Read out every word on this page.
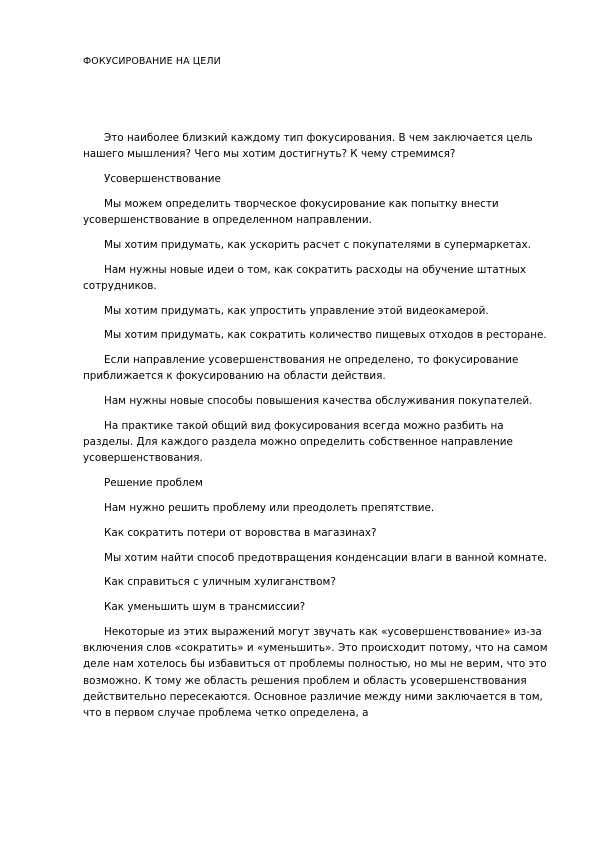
ФОКУСИРОВАНИЕ НА ЦЕЛИ

Это наиболее близкий каждому тип фокусирования. В чем заключается цель нашего мышления? Чего мы хотим достигнуть? К чему стремимся?

Усовершенствование

Мы можем определить творческое фокусирование как попытку внести усовершенствование в определенном направлении.

Мы хотим придумать, как ускорить расчет с покупателями в супермаркетах.

Нам нужны новые идеи о том, как сократить расходы на обучение штатных сотрудников.

Мы хотим придумать, как упростить управление этой видеокамерой.

Мы хотим придумать, как сократить количество пищевых отходов в ресторане.

Если направление усовершенствования не определено, то фокусирование приближается к фокусированию на области действия.

Нам нужны новые способы повышения качества обслуживания покупателей.

На практике такой общий вид фокусирования всегда можно разбить на разделы. Для каждого раздела можно определить собственное направление усовершенствования.

Решение проблем

Нам нужно решить проблему или преодолеть препятствие.

Как сократить потери от воровства в магазинах?

Мы хотим найти способ предотвращения конденсации влаги в ванной комнате.

Как справиться с уличным хулиганством?

Как уменьшить шум в трансмиссии?

Некоторые из этих выражений могут звучать как «усовершенствование» из-за включения слов «сократить» и «уменьшить». Это происходит потому, что на самом деле нам хотелось бы избавиться от проблемы полностью, но мы не верим, что это возможно. К тому же область решения проблем и область усовершенствования действительно пересекаются. Основное различие между ними заключается в том, что в первом случае проблема четко определена, а
